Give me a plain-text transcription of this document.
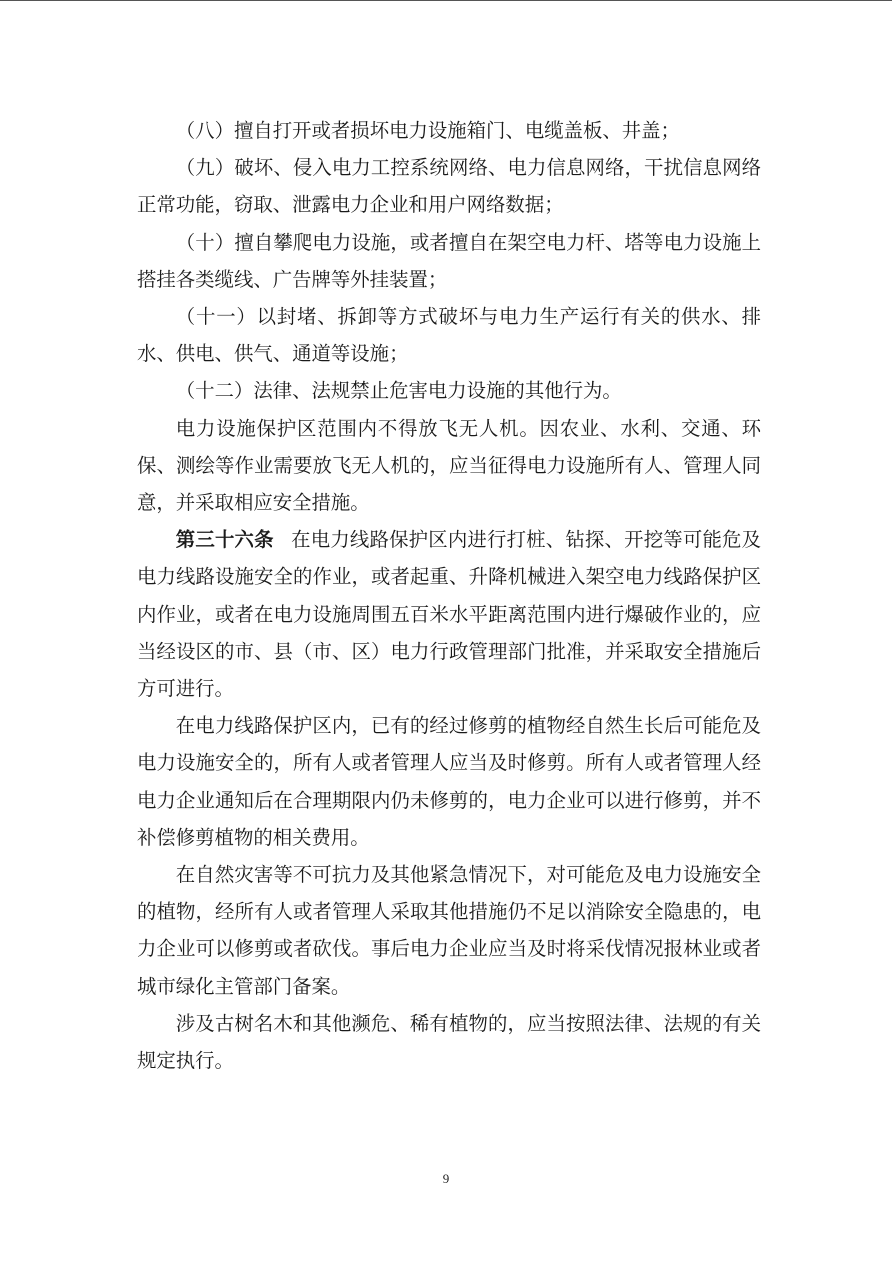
（八）擅自打开或者损坏电力设施箱门、电缆盖板、井盖；

（九）破坏、侵入电力工控系统网络、电力信息网络，干扰信息网络正常功能，窃取、泄露电力企业和用户网络数据；

（十）擅自攀爬电力设施，或者擅自在架空电力杆、塔等电力设施上搭挂各类缆线、广告牌等外挂装置；

（十一）以封堵、拆卸等方式破坏与电力生产运行有关的供水、排水、供电、供气、通道等设施；

（十二）法律、法规禁止危害电力设施的其他行为。

电力设施保护区范围内不得放飞无人机。因农业、水利、交通、环保、测绘等作业需要放飞无人机的，应当征得电力设施所有人、管理人同意，并采取相应安全措施。

第三十六条 在电力线路保护区内进行打桩、钻探、开挖等可能危及电力线路设施安全的作业，或者起重、升降机械进入架空电力线路保护区内作业，或者在电力设施周围五百米水平距离范围内进行爆破作业的，应当经设区的市、县（市、区）电力行政管理部门批准，并采取安全措施后方可进行。

在电力线路保护区内，已有的经过修剪的植物经自然生长后可能危及电力设施安全的，所有人或者管理人应当及时修剪。所有人或者管理人经电力企业通知后在合理期限内仍未修剪的，电力企业可以进行修剪，并不补偿修剪植物的相关费用。

在自然灾害等不可抗力及其他紧急情况下，对可能危及电力设施安全的植物，经所有人或者管理人采取其他措施仍不足以消除安全隐患的，电力企业可以修剪或者砍伐。事后电力企业应当及时将采伐情况报林业或者城市绿化主管部门备案。

涉及古树名木和其他濒危、稀有植物的，应当按照法律、法规的有关规定执行。

9
